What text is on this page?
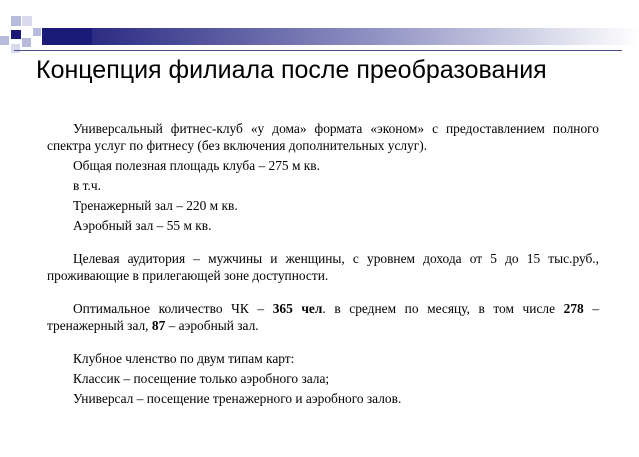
Концепция филиала после преобразования

Универсальный фитнес-клуб «у дома» формата «эконом» с предоставлением полного спектра услуг по фитнесу (без включения дополнительных услуг).

Общая полезная площадь клуба – 275 м кв.

в т.ч.

Тренажерный зал – 220 м кв.

Аэробный зал – 55 м кв.

Целевая аудитория – мужчины и женщины, с уровнем дохода от 5 до 15 тыс.руб., проживающие в прилегающей зоне доступности.

Оптимальное количество ЧК – 365 чел. в среднем по месяцу, в том числе 278 – тренажерный зал, 87 – аэробный зал.

Клубное членство по двум типам карт:

Классик – посещение только аэробного зала;

Универсал – посещение тренажерного и аэробного залов.
